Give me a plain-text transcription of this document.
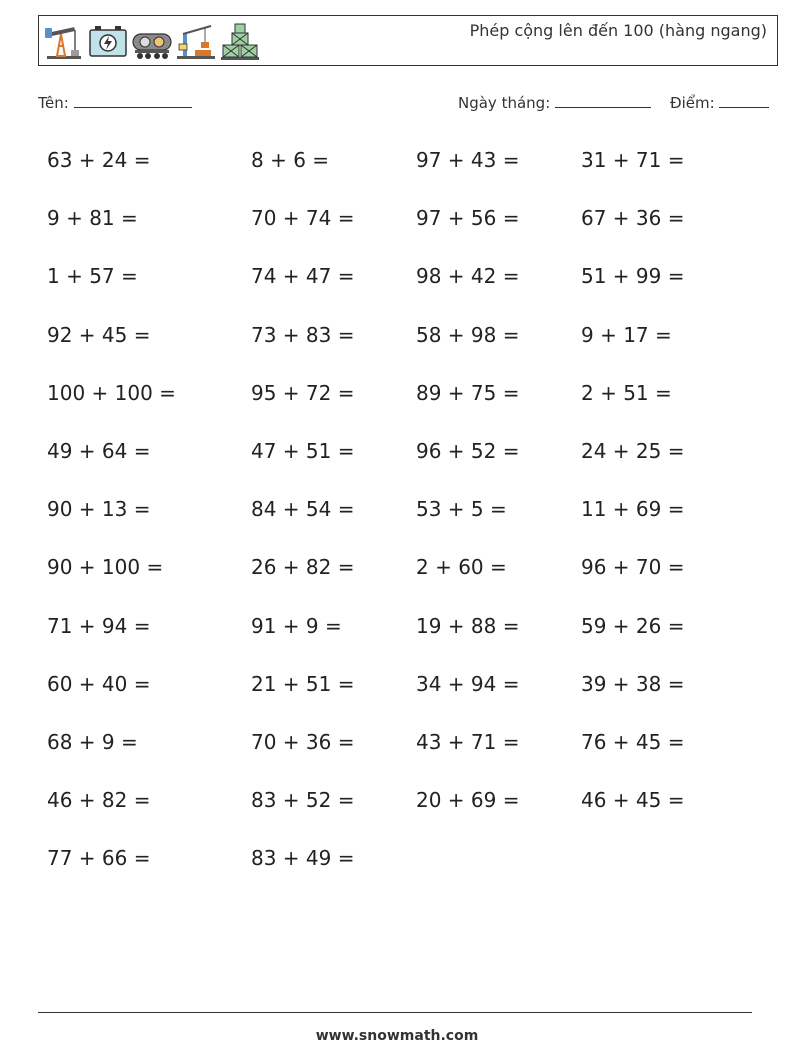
Phép cộng lên đến 100 (hàng ngang)
Tên:	Ngày tháng:	Điểm:
63 + 24 =	8 + 6 =	97 + 43 =	31 + 71 =
9 + 81 =	70 + 74 =	97 + 56 =	67 + 36 =
1 + 57 =	74 + 47 =	98 + 42 =	51 + 99 =
92 + 45 =	73 + 83 =	58 + 98 =	9 + 17 =
100 + 100 =	95 + 72 =	89 + 75 =	2 + 51 =
49 + 64 =	47 + 51 =	96 + 52 =	24 + 25 =
90 + 13 =	84 + 54 =	53 + 5 =	11 + 69 =
90 + 100 =	26 + 82 =	2 + 60 =	96 + 70 =
71 + 94 =	91 + 9 =	19 + 88 =	59 + 26 =
60 + 40 =	21 + 51 =	34 + 94 =	39 + 38 =
68 + 9 =	70 + 36 =	43 + 71 =	76 + 45 =
46 + 82 =	83 + 52 =	20 + 69 =	46 + 45 =
77 + 66 =	83 + 49 =
www.snowmath.com
